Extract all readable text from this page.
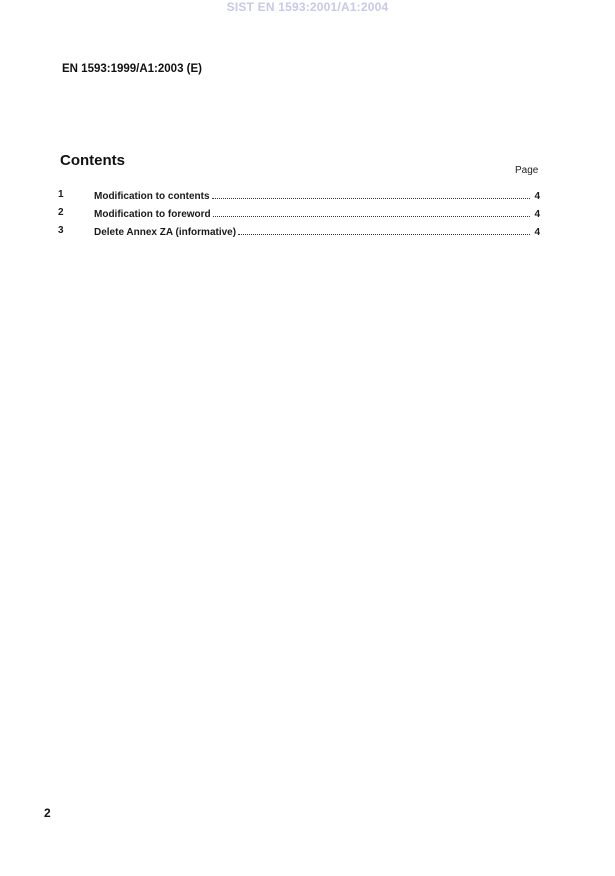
SIST EN 1593:2001/A1:2004
EN 1593:1999/A1:2003 (E)
Contents
Page
1	Modification to contents	4
2	Modification to foreword	4
3	Delete Annex ZA (informative)	4
2
